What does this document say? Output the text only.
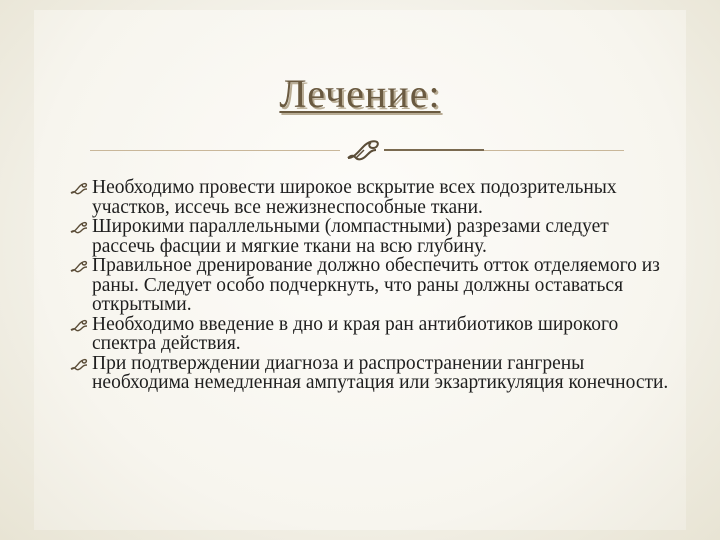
Лечение:
Необходимо провести широкое вскрытие всех подозрительных участков, иссечь все нежизнеспособные ткани.
Широкими параллельными (ломпастными) разрезами следует рассечь фасции и мягкие ткани на всю глубину.
Правильное дренирование должно обеспечить отток отделяемого из раны. Следует особо подчеркнуть, что раны должны оставаться открытыми.
Необходимо введение в дно и края ран антибиотиков широкого спектра действия.
При подтверждении диагноза и распространении гангрены необходима немедленная ампутация или экзартикуляция конечности.
